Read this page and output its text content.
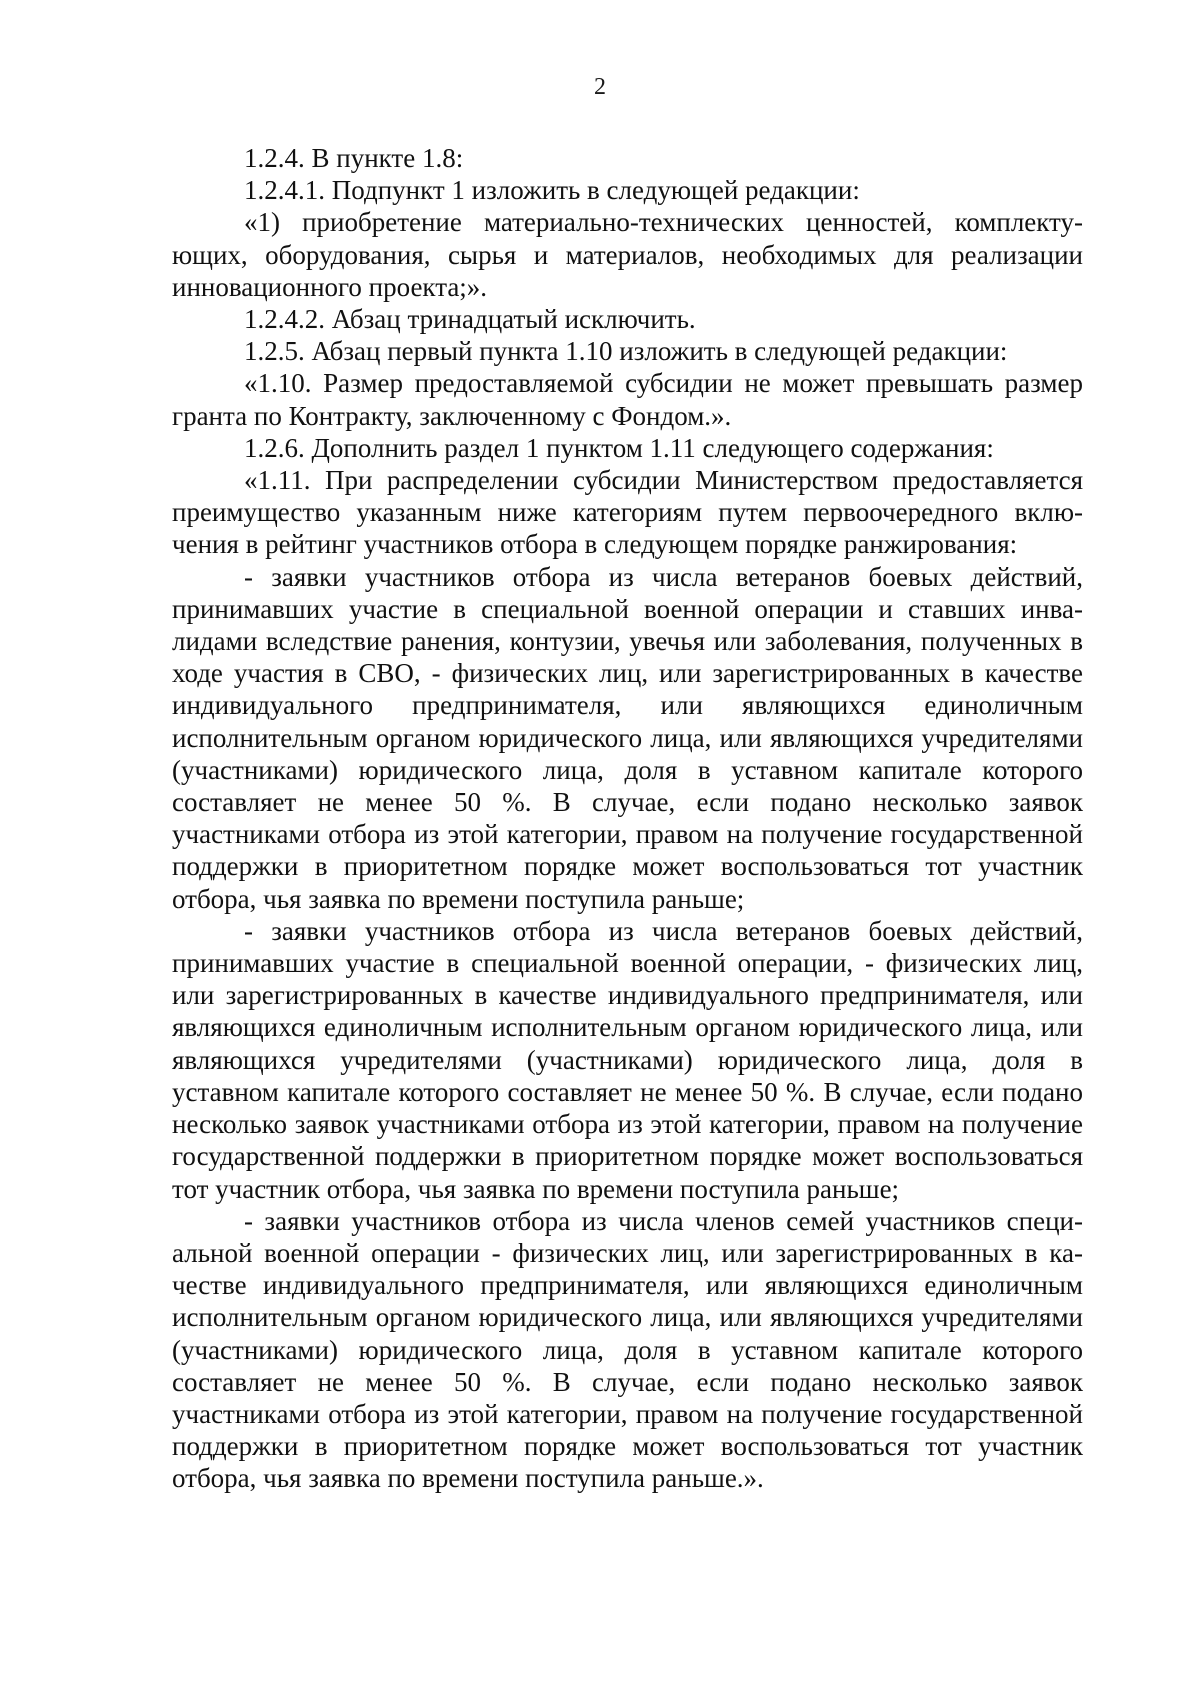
2

1.2.4. В пункте 1.8:

1.2.4.1. Подпункт 1 изложить в следующей редакции:

«1) приобретение материально-технических ценностей, комплектующих, оборудования, сырья и материалов, необходимых для реализации инновационного проекта;».

1.2.4.2. Абзац тринадцатый исключить.

1.2.5. Абзац первый пункта 1.10 изложить в следующей редакции:

«1.10. Размер предоставляемой субсидии не может превышать размер гранта по Контракту, заключенному с Фондом.».

1.2.6. Дополнить раздел 1 пунктом 1.11 следующего содержания:

«1.11. При распределении субсидии Министерством предоставляется преимущество указанным ниже категориям путем первоочередного включения в рейтинг участников отбора в следующем порядке ранжирования:

- заявки участников отбора из числа ветеранов боевых действий, принимавших участие в специальной военной операции и ставших инвалидами вследствие ранения, контузии, увечья или заболевания, полученных в ходе участия в СВО, - физических лиц, или зарегистрированных в качестве индивидуального предпринимателя, или являющихся единоличным исполнительным органом юридического лица, или являющихся учредителями (участниками) юридического лица, доля в уставном капитале которого составляет не менее 50 %. В случае, если подано несколько заявок участниками отбора из этой категории, правом на получение государственной поддержки в приоритетном порядке может воспользоваться тот участник отбора, чья заявка по времени поступила раньше;

- заявки участников отбора из числа ветеранов боевых действий, принимавших участие в специальной военной операции, - физических лиц, или зарегистрированных в качестве индивидуального предпринимателя, или являющихся единоличным исполнительным органом юридического лица, или являющихся учредителями (участниками) юридического лица, доля в уставном капитале которого составляет не менее 50 %. В случае, если подано несколько заявок участниками отбора из этой категории, правом на получение государственной поддержки в приоритетном порядке может воспользоваться тот участник отбора, чья заявка по времени поступила раньше;

- заявки участников отбора из числа членов семей участников специальной военной операции - физических лиц, или зарегистрированных в качестве индивидуального предпринимателя, или являющихся единоличным исполнительным органом юридического лица, или являющихся учредителями (участниками) юридического лица, доля в уставном капитале которого составляет не менее 50 %. В случае, если подано несколько заявок участниками отбора из этой категории, правом на получение государственной поддержки в приоритетном порядке может воспользоваться тот участник отбора, чья заявка по времени поступила раньше.».
